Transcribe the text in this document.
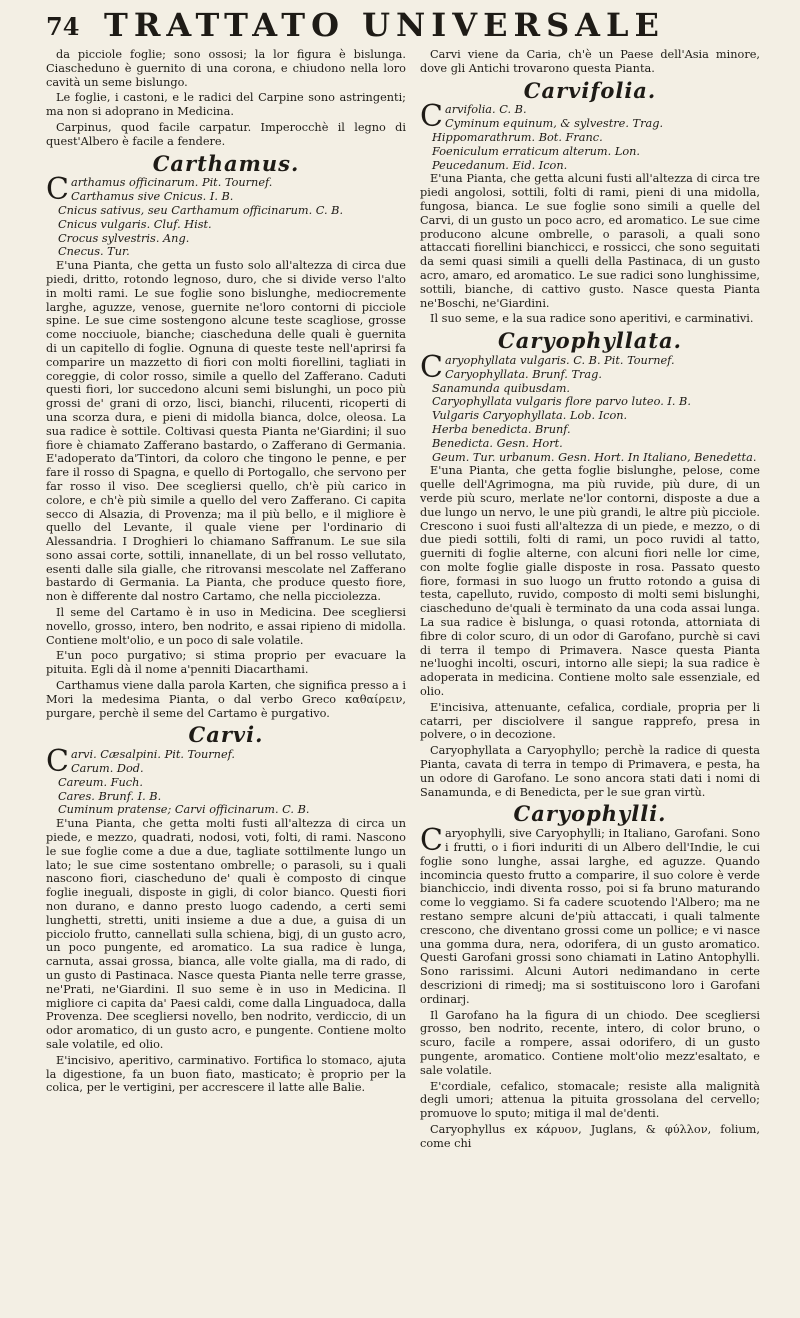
74 TRATTATO UNIVERSALE

da picciole foglie; sono ossosi; la lor figura è bislunga. Ciascheduno è guernito di una corona, e chiudono nella loro cavità un seme bislungo.

Le foglie, i castoni, e le radici del Carpine sono astringenti; ma non si adoprano in Medicina.

Carpinus, quod facile carpatur. Imperocchè il legno di quest'Albero è facile a fendere.

Carthamus.

Carthamus officinarum. Pit. Tournef.

Carthamus sive Cnicus. I. B.

Cnicus sativus, seu Carthamum officinarum. C. B.

Cnicus vulgaris. Cluf. Hist.

Crocus sylvestris. Ang.

Cnecus. Tur.

E'una Pianta, che getta un fusto solo all'altezza di circa due piedi, dritto, rotondo legnoso, duro, che si divide verso l'alto in molti rami. Le sue foglie sono bislunghe, mediocremente larghe, aguzze, venose, guernite ne'loro contorni di picciole spine. Le sue cime sostengono alcune teste scagliose, grosse come nocciuole, bianche; ciascheduna delle quali è guernita di un capitello di foglie. Ognuna di queste teste nell'aprirsi fa comparire un mazzetto di fiori con molti fiorellini, tagliati in coreggie, di color rosso, simile a quello del Zafferano. Caduti questi fiori, lor succedono alcuni semi bislunghi, un poco più grossi de' grani di orzo, lisci, bianchi, rilucenti, ricoperti di una scorza dura, e pieni di midolla bianca, dolce, oleosa. La sua radice è sottile. Coltivasi questa Pianta ne'Giardini; il suo fiore è chiamato Zafferano bastardo, o Zafferano di Germania. E'adoperato da'Tintori, da coloro che tingono le penne, e per fare il rosso di Spagna, e quello di Portogallo, che servono per far rosso il viso. Dee scegliersi quello, ch'è più carico in colore, e ch'è più simile a quello del vero Zafferano. Ci capita secco di Alsazia, di Provenza; ma il più bello, e il migliore è quello del Levante, il quale viene per l'ordinario di Alessandria. I Droghieri lo chiamano Saffranum. Le sue sila sono assai corte, sottili, innanellate, di un bel rosso vellutato, esenti dalle sila gialle, che ritrovansi mescolate nel Zafferano bastardo di Germania. La Pianta, che produce questo fiore, non è differente dal nostro Cartamo, che nella picciolezza.

Il seme del Cartamo è in uso in Medicina. Dee scegliersi novello, grosso, intero, ben nodrito, e assai ripieno di midolla. Contiene molt'olio, e un poco di sale volatile.

E'un poco purgativo; si stima proprio per evacuare la pituita. Egli dà il nome a'penniti Diacarthami.

Carthamus viene dalla parola Karten, che significa presso a i Mori la medesima Pianta, o dal verbo Greco καθαίρειν, purgare, perchè il seme del Cartamo è purgativo.

Carvi.

Carvi. Cæsalpini. Pit. Tournef.

Carum. Dod.

Careum. Fuch.

Cares. Brunf. I. B.

Cuminum pratense; Carvi officinarum. C. B.

E'una Pianta, che getta molti fusti all'altezza di circa un piede, e mezzo, quadrati, nodosi, voti, folti, di rami. Nascono le sue foglie come a due a due, tagliate sottilmente lungo un lato; le sue cime sostentano ombrelle; o parasoli, su i quali nascono fiori, ciascheduno de' quali è composto di cinque foglie ineguali, disposte in gigli, di color bianco. Questi fiori non durano, e danno presto luogo cadendo, a certi semi lunghetti, stretti, uniti insieme a due a due, a guisa di un picciolo frutto, cannellati sulla schiena, bigj, di un gusto acro, un poco pungente, ed aromatico. La sua radice è lunga, carnuta, assai grossa, bianca, alle volte gialla, ma di rado, di un gusto di Pastinaca. Nasce questa Pianta nelle terre grasse, ne'Prati, ne'Giardini. Il suo seme è in uso in Medicina. Il migliore ci capita da' Paesi caldi, come dalla Linguadoca, dalla Provenza. Dee scegliersi novello, ben nodrito, verdiccio, di un odor aromatico, di un gusto acro, e pungente. Contiene molto sale volatile, ed olio.

E'incisivo, aperitivo, carminativo. Fortifica lo stomaco, ajuta la digestione, fa un buon fiato, masticato; è proprio per la colica, per le vertigini, per accrescere il latte alle Balie.

Carvi viene da Caria, ch'è un Paese dell'Asia minore, dove gli Antichi trovarono questa Pianta.

Carvifolia.

Carvifolia. C. B.

Cyminum equinum, & sylvestre. Trag.

Hippomarathrum. Bot. Franc.

Foeniculum erraticum alterum. Lon.

Peucedanum. Eid. Icon.

E'una Pianta, che getta alcuni fusti all'altezza di circa tre piedi angolosi, sottili, folti di rami, pieni di una midolla, fungosa, bianca. Le sue foglie sono simili a quelle del Carvi, di un gusto un poco acro, ed aromatico. Le sue cime producono alcune ombrelle, o parasoli, a quali sono attaccati fiorellini bianchicci, e rossicci, che sono seguitati da semi quasi simili a quelli della Pastinaca, di un gusto acro, amaro, ed aromatico. Le sue radici sono lunghissime, sottili, bianche, di cattivo gusto. Nasce questa Pianta ne'Boschi, ne'Giardini.

Il suo seme, e la sua radice sono aperitivi, e carminativi.

Caryophyllata.

Caryophyllata vulgaris. C. B. Pit. Tournef.

Caryophyllata. Brunf. Trag.

Sanamunda quibusdam.

Caryophyllata vulgaris flore parvo luteo. I. B.

Vulgaris Caryophyllata. Lob. Icon.

Herba benedicta. Brunf.

Benedicta. Gesn. Hort.

Geum. Tur. urbanum. Gesn. Hort. In Italiano, Benedetta.

E'una Pianta, che getta foglie bislunghe, pelose, come quelle dell'Agrimogna, ma più ruvide, più dure, di un verde più scuro, merlate ne'lor contorni, disposte a due a due lungo un nervo, le une più grandi, le altre più picciole. Crescono i suoi fusti all'altezza di un piede, e mezzo, o di due piedi sottili, folti di rami, un poco ruvidi al tatto, guerniti di foglie alterne, con alcuni fiori nelle lor cime, con molte foglie gialle disposte in rosa. Passato questo fiore, formasi in suo luogo un frutto rotondo a guisa di testa, capelluto, ruvido, composto di molti semi bislunghi, ciascheduno de'quali è terminato da una coda assai lunga. La sua radice è bislunga, o quasi rotonda, attorniata di fibre di color scuro, di un odor di Garofano, purchè si cavi di terra il tempo di Primavera. Nasce questa Pianta ne'luoghi incolti, oscuri, intorno alle siepi; la sua radice è adoperata in medicina. Contiene molto sale essenziale, ed olio.

E'incisiva, attenuante, cefalica, cordiale, propria per li catarri, per disciolvere il sangue rapprefo, presa in polvere, o in decozione.

Caryophyllata a Caryophyllo; perchè la radice di questa Pianta, cavata di terra in tempo di Primavera, e pesta, ha un odore di Garofano. Le sono ancora stati dati i nomi di Sanamunda, e di Benedicta, per le sue gran virtù.

Caryophylli.

Caryophylli, sive Caryophylli; in Italiano, Garofani. Sono i frutti, o i fiori induriti di un Albero dell'Indie, le cui foglie sono lunghe, assai larghe, ed aguzze. Quando incomincia questo frutto a comparire, il suo colore è verde bianchiccio, indi diventa rosso, poi si fa bruno maturando come lo veggiamo. Si fa cadere scuotendo l'Albero; ma ne restano sempre alcuni de'più attaccati, i quali talmente crescono, che diventano grossi come un pollice; e vi nasce una gomma dura, nera, odorifera, di un gusto aromatico. Questi Garofani grossi sono chiamati in Latino Antophylli. Sono rarissimi. Alcuni Autori nedimandano in certe descrizioni di rimedj; ma si sostituiscono loro i Garofani ordinarj.

Il Garofano ha la figura di un chiodo. Dee scegliersi grosso, ben nodrito, recente, intero, di color bruno, o scuro, facile a rompere, assai odorifero, di un gusto pungente, aromatico. Contiene molt'olio mezz'esaltato, e sale volatile.

E'cordiale, cefalico, stomacale; resiste alla malignità degli umori; attenua la pituita grossolana del cervello; promuove lo sputo; mitiga il mal de'denti.

Caryophyllus ex κάρυον, Juglans, & φύλλον, folium, come chi
